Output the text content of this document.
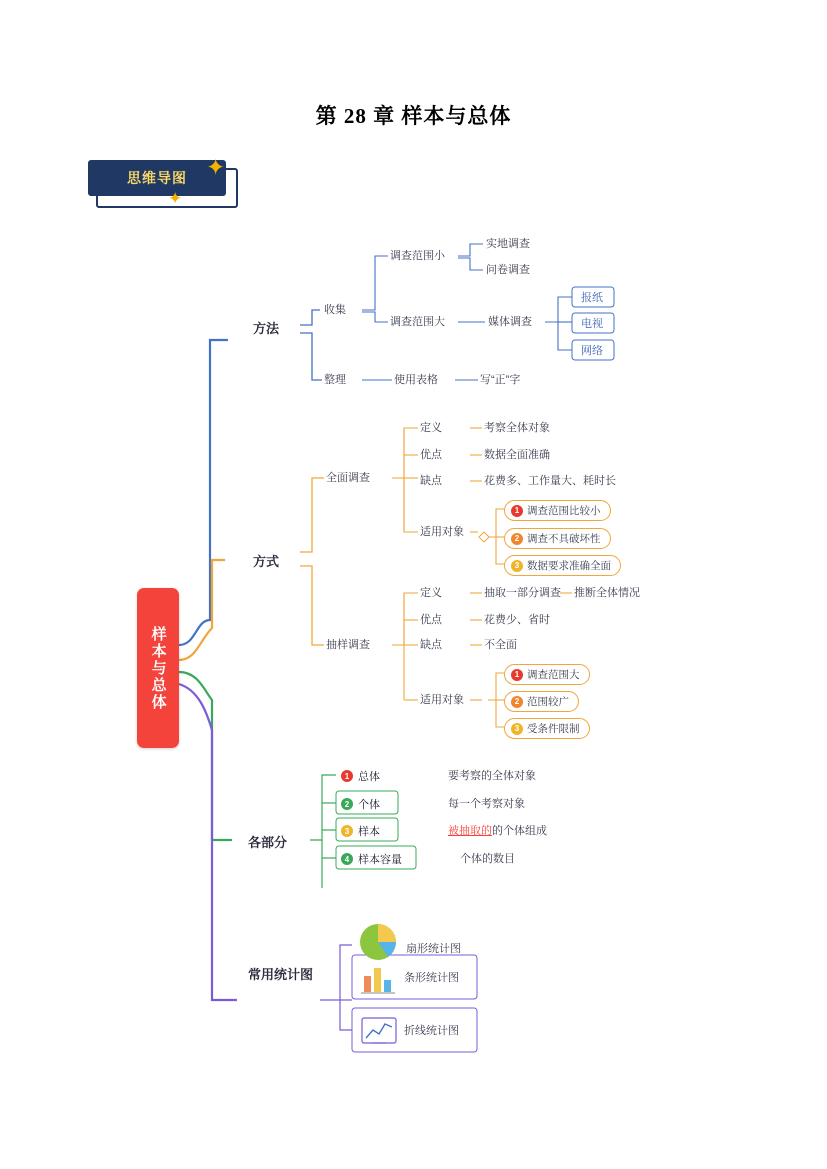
第 28 章 样本与总体
思维导图 ✦
✦
样本与总体
方法
收集
调查范围小
实地调查
问卷调查
调查范围大	媒体调查
报纸
电视
网络
整理	使用表格	写“正”字
方式
全面调查
定义	考察全体对象
优点	数据全面准确
缺点	花费多、工作量大、耗时长
适用对象
1 调查范围比较小
2 调查不具破坏性
3 数据要求准确全面
抽样调查
定义	抽取一部分调查 推断全体情况
优点	花费少、省时
缺点	不全面
适用对象
1 调查范围大
2 范围较广
3 受条件限制
各部分
1 总体	要考察的全体对象
2 个体	每一个考察对象
3 样本	被抽取的的个体组成
4 样本容量	个体的数目
常用统计图
扇形统计图
条形统计图
折线统计图
